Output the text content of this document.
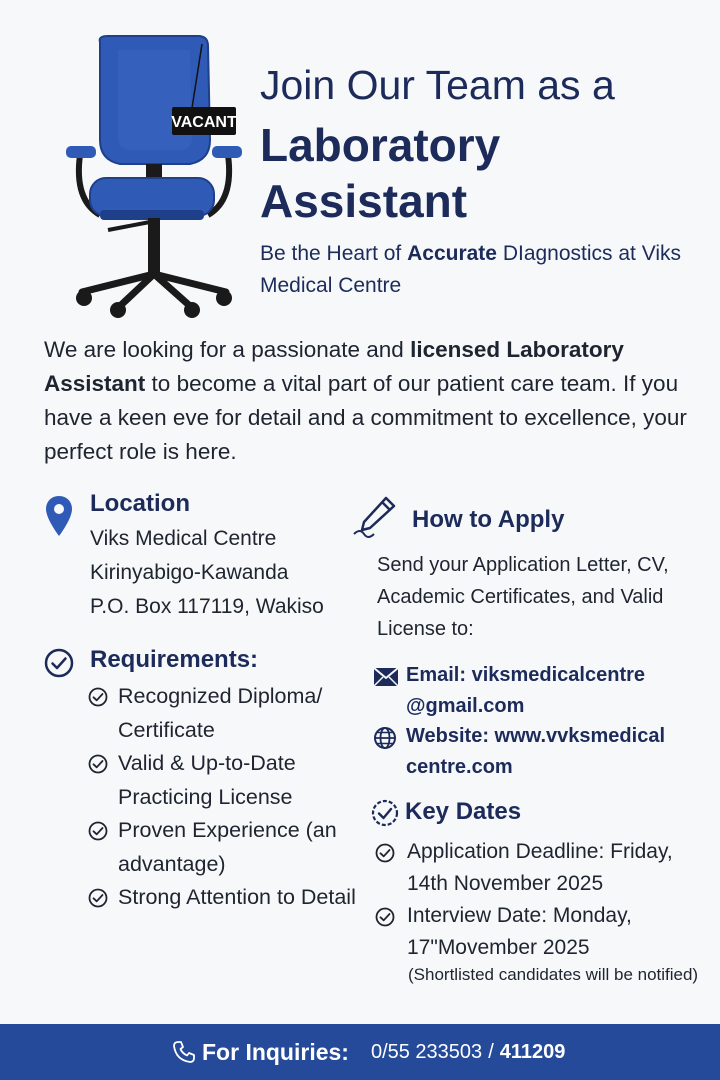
VACANT
Join Our Team as a
Laboratory
Assistant
Be the Heart of Accurate DIagnostics at Viks Medical Centre
We are looking for a passionate and licensed Laboratory Assistant to become a vital part of our patient care team. If you have a keen eve for detail and a commitment to excellence, your perfect role is here.
Location
Viks Medical Centre
Kirinyabigo-Kawanda
P.O. Box 117119, Wakiso
Requirements:
Recognized Diploma/ Certificate
Valid & Up-to-Date Practicing License
Proven Experience (an advantage)
Strong Attention to Detail
How to Apply
Send your Application Letter, CV, Academic Certificates, and Valid License to:
Email: viksmedicalcentre @gmail.com
Website: www.vvksmedical centre.com
Key Dates
Application Deadline: Friday, 14th November 2025
Interview Date: Monday, 17"Movember 2025
(Shortlisted candidates will be notified)
For Inquiries: 0/55 233503 / 411209
